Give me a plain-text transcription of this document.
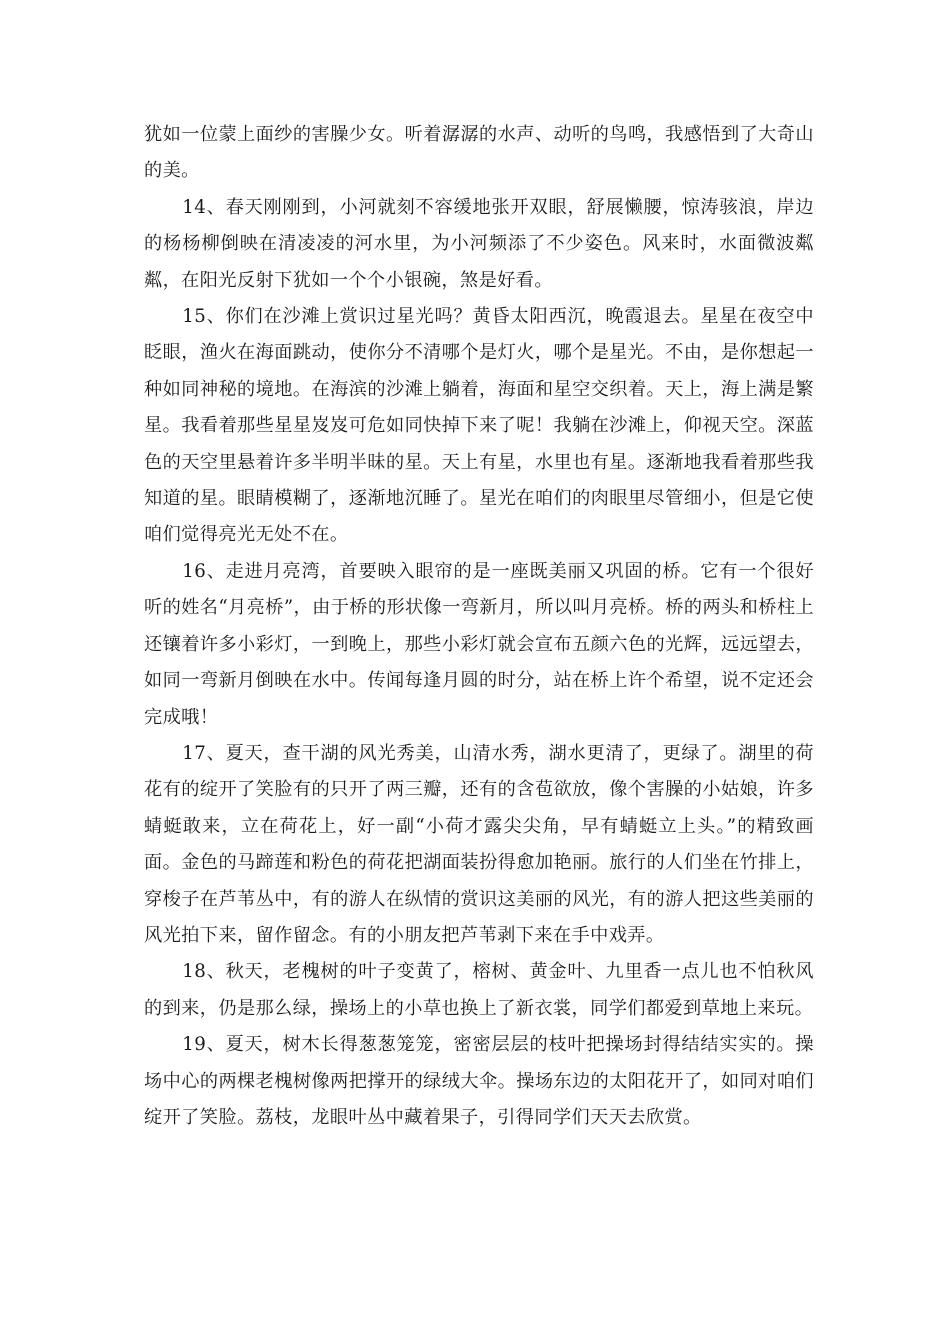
犹如一位蒙上面纱的害臊少女。听着潺潺的水声、动听的鸟鸣，我感悟到了大奇山的美。

14、春天刚刚到，小河就刻不容缓地张开双眼，舒展懒腰，惊涛骇浪，岸边的杨杨柳倒映在清凌凌的河水里，为小河频添了不少姿色。风来时，水面微波粼粼，在阳光反射下犹如一个个小银碗，煞是好看。

15、你们在沙滩上赏识过星光吗？黄昏太阳西沉，晚霞退去。星星在夜空中眨眼，渔火在海面跳动，使你分不清哪个是灯火，哪个是星光。不由，是你想起一种如同神秘的境地。在海滨的沙滩上躺着，海面和星空交织着。天上，海上满是繁星。我看着那些星星岌岌可危如同快掉下来了呢！我躺在沙滩上，仰视天空。深蓝色的天空里悬着许多半明半昧的星。天上有星，水里也有星。逐渐地我看着那些我知道的星。眼睛模糊了，逐渐地沉睡了。星光在咱们的肉眼里尽管细小，但是它使咱们觉得亮光无处不在。

16、走进月亮湾，首要映入眼帘的是一座既美丽又巩固的桥。它有一个很好听的姓名“月亮桥”，由于桥的形状像一弯新月，所以叫月亮桥。桥的两头和桥柱上还镶着许多小彩灯，一到晚上，那些小彩灯就会宣布五颜六色的光辉，远远望去，如同一弯新月倒映在水中。传闻每逢月圆的时分，站在桥上许个希望，说不定还会完成哦！

17、夏天，查干湖的风光秀美，山清水秀，湖水更清了，更绿了。湖里的荷花有的绽开了笑脸有的只开了两三瓣，还有的含苞欲放，像个害臊的小姑娘，许多蜻蜓敢来，立在荷花上，好一副“小荷才露尖尖角，早有蜻蜓立上头。”的精致画面。金色的马蹄莲和粉色的荷花把湖面装扮得愈加艳丽。旅行的人们坐在竹排上，穿梭子在芦苇丛中，有的游人在纵情的赏识这美丽的风光，有的游人把这些美丽的风光拍下来，留作留念。有的小朋友把芦苇剥下来在手中戏弄。

18、秋天，老槐树的叶子变黄了，榕树、黄金叶、九里香一点儿也不怕秋风的到来，仍是那么绿，操场上的小草也换上了新衣裳，同学们都爱到草地上来玩。

19、夏天，树木长得葱葱笼笼，密密层层的枝叶把操场封得结结实实的。操场中心的两棵老槐树像两把撑开的绿绒大伞。操场东边的太阳花开了，如同对咱们绽开了笑脸。荔枝，龙眼叶丛中藏着果子，引得同学们天天去欣赏。
